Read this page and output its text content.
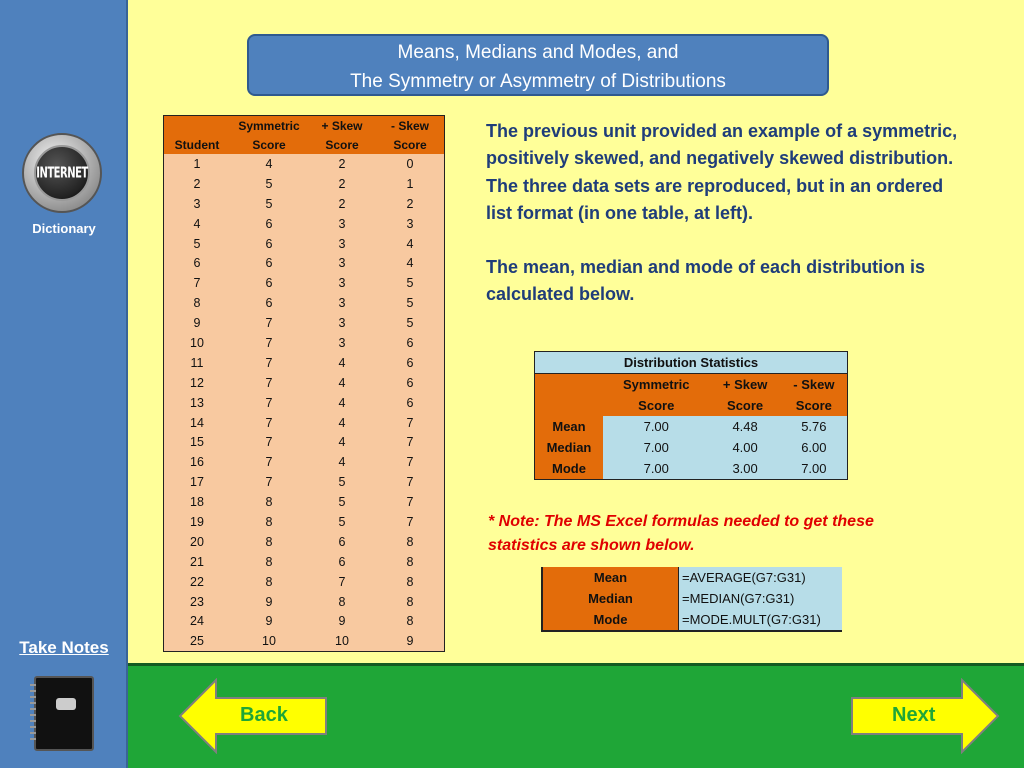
INTERNET
Dictionary
Take Notes
Means, Medians and Modes, and
The Symmetry or Asymmetry of Distributions
	Symmetric	+ Skew	- Skew
Student	Score	Score	Score
1	4	2	0
2	5	2	1
3	5	2	2
4	6	3	3
5	6	3	4
6	6	3	4
7	6	3	5
8	6	3	5
9	7	3	5
10	7	3	6
11	7	4	6
12	7	4	6
13	7	4	6
14	7	4	7
15	7	4	7
16	7	4	7
17	7	5	7
18	8	5	7
19	8	5	7
20	8	6	8
21	8	6	8
22	8	7	8
23	9	8	8
24	9	9	8
25	10	10	9

The previous unit provided an example of a symmetric, positively skewed, and negatively skewed distribution. The three data sets are reproduced, but in an ordered list format (in one table, at left).

The mean, median and mode of each distribution is calculated below.

Distribution Statistics			
	Symmetric	+ Skew	- Skew
	Score	Score	Score
Mean	7.00	4.48	5.76
Median	7.00	4.00	6.00
Mode	7.00	3.00	7.00
* Note: The MS Excel formulas needed to get these statistics are shown below.
Mean	=AVERAGE(G7:G31)
Median	=MEDIAN(G7:G31)
Mode	=MODE.MULT(G7:G31)
Back	Next
